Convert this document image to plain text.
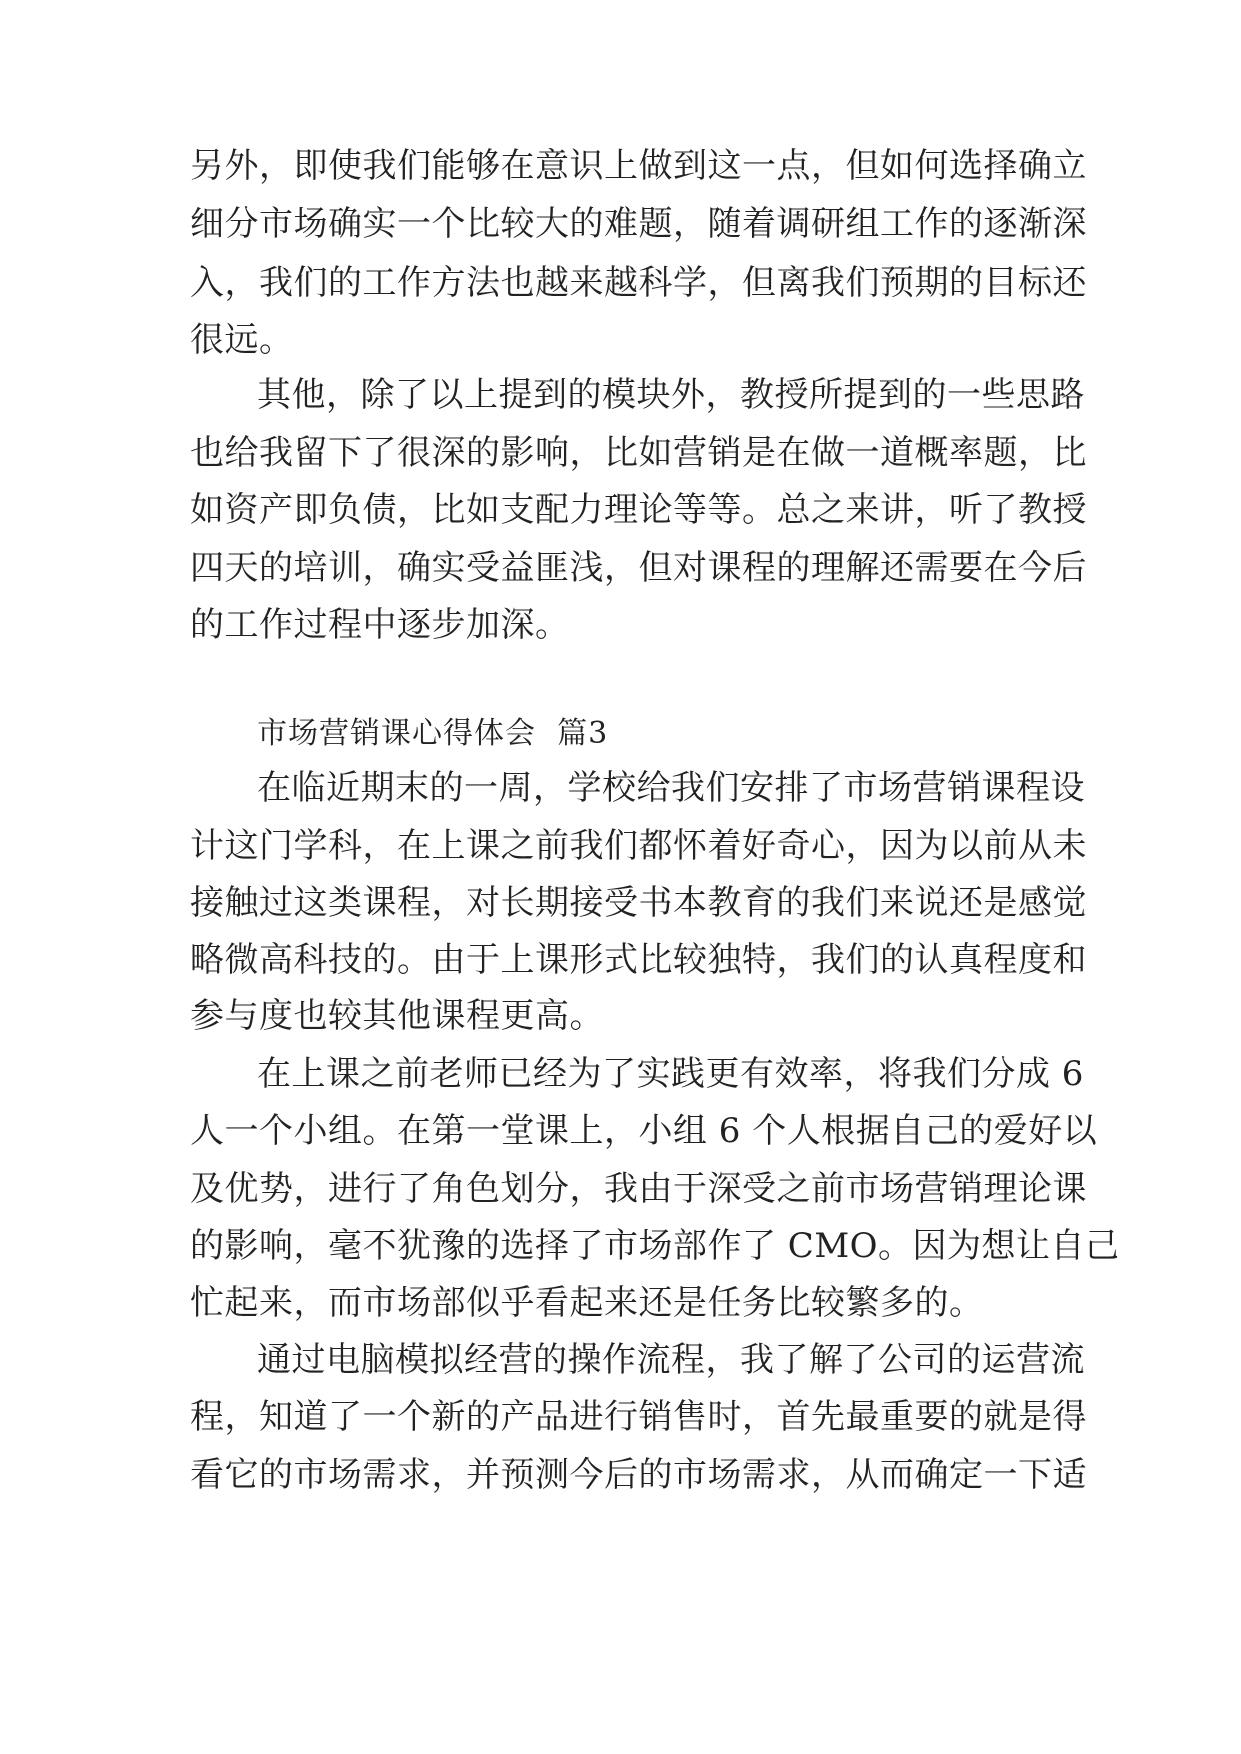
另外，即使我们能够在意识上做到这一点，但如何选择确立
细分市场确实一个比较大的难题，随着调研组工作的逐渐深
入，我们的工作方法也越来越科学，但离我们预期的目标还
很远。
其他，除了以上提到的模块外，教授所提到的一些思路
也给我留下了很深的影响，比如营销是在做一道概率题，比
如资产即负债，比如支配力理论等等。总之来讲，听了教授
四天的培训，确实受益匪浅，但对课程的理解还需要在今后
的工作过程中逐步加深。
市场营销课心得体会  篇3
在临近期末的一周，学校给我们安排了市场营销课程设
计这门学科，在上课之前我们都怀着好奇心，因为以前从未
接触过这类课程，对长期接受书本教育的我们来说还是感觉
略微高科技的。由于上课形式比较独特，我们的认真程度和
参与度也较其他课程更高。
在上课之前老师已经为了实践更有效率，将我们分成 6
人一个小组。在第一堂课上，小组 6 个人根据自己的爱好以
及优势，进行了角色划分，我由于深受之前市场营销理论课
的影响，毫不犹豫的选择了市场部作了 CMO。因为想让自己
忙起来，而市场部似乎看起来还是任务比较繁多的。
通过电脑模拟经营的操作流程，我了解了公司的运营流
程，知道了一个新的产品进行销售时，首先最重要的就是得
看它的市场需求，并预测今后的市场需求，从而确定一下适
